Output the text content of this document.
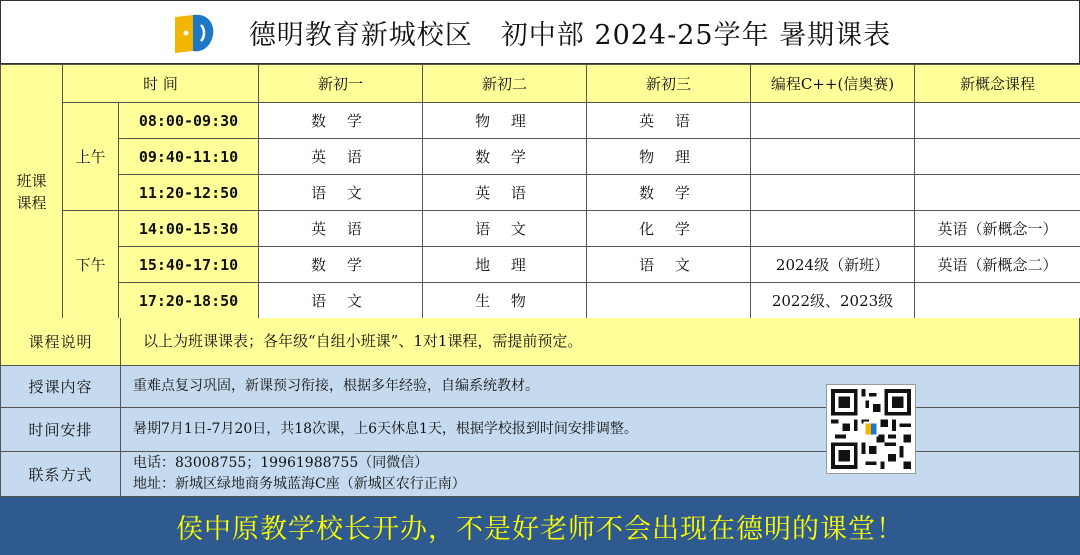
德明教育新城校区　初中部 2024-25学年 暑期课表
班课
课程	时 间		新初一	新初二	新初三	编程C++(信奥赛)	新概念课程
	上午	08:00-09:30	数 学	物 理	英 语		
		09:40-11:10	英 语	数 学	物 理		
		11:20-12:50	语 文	英 语	数 学		
	下午	14:00-15:30	英 语	语 文	化 学		英语（新概念一）
		15:40-17:10	数 学	地 理	语 文	2024级（新班）	英语（新概念二）
		17:20-18:50	语 文	生 物		2022级、2023级	
课程说明	以上为班课课表；各年级“自组小班课”、1对1课程，需提前预定。
授课内容	重难点复习巩固，新课预习衔接，根据多年经验，自编系统教材。
时间安排	暑期7月1日-7月20日，共18次课，上6天休息1天，根据学校报到时间安排调整。
联系方式
电话：83008755；19961988755（同微信）
地址：新城区绿地商务城蓝海C座（新城区农行正南）
侯中原教学校长开办，不是好老师不会出现在德明的课堂！
